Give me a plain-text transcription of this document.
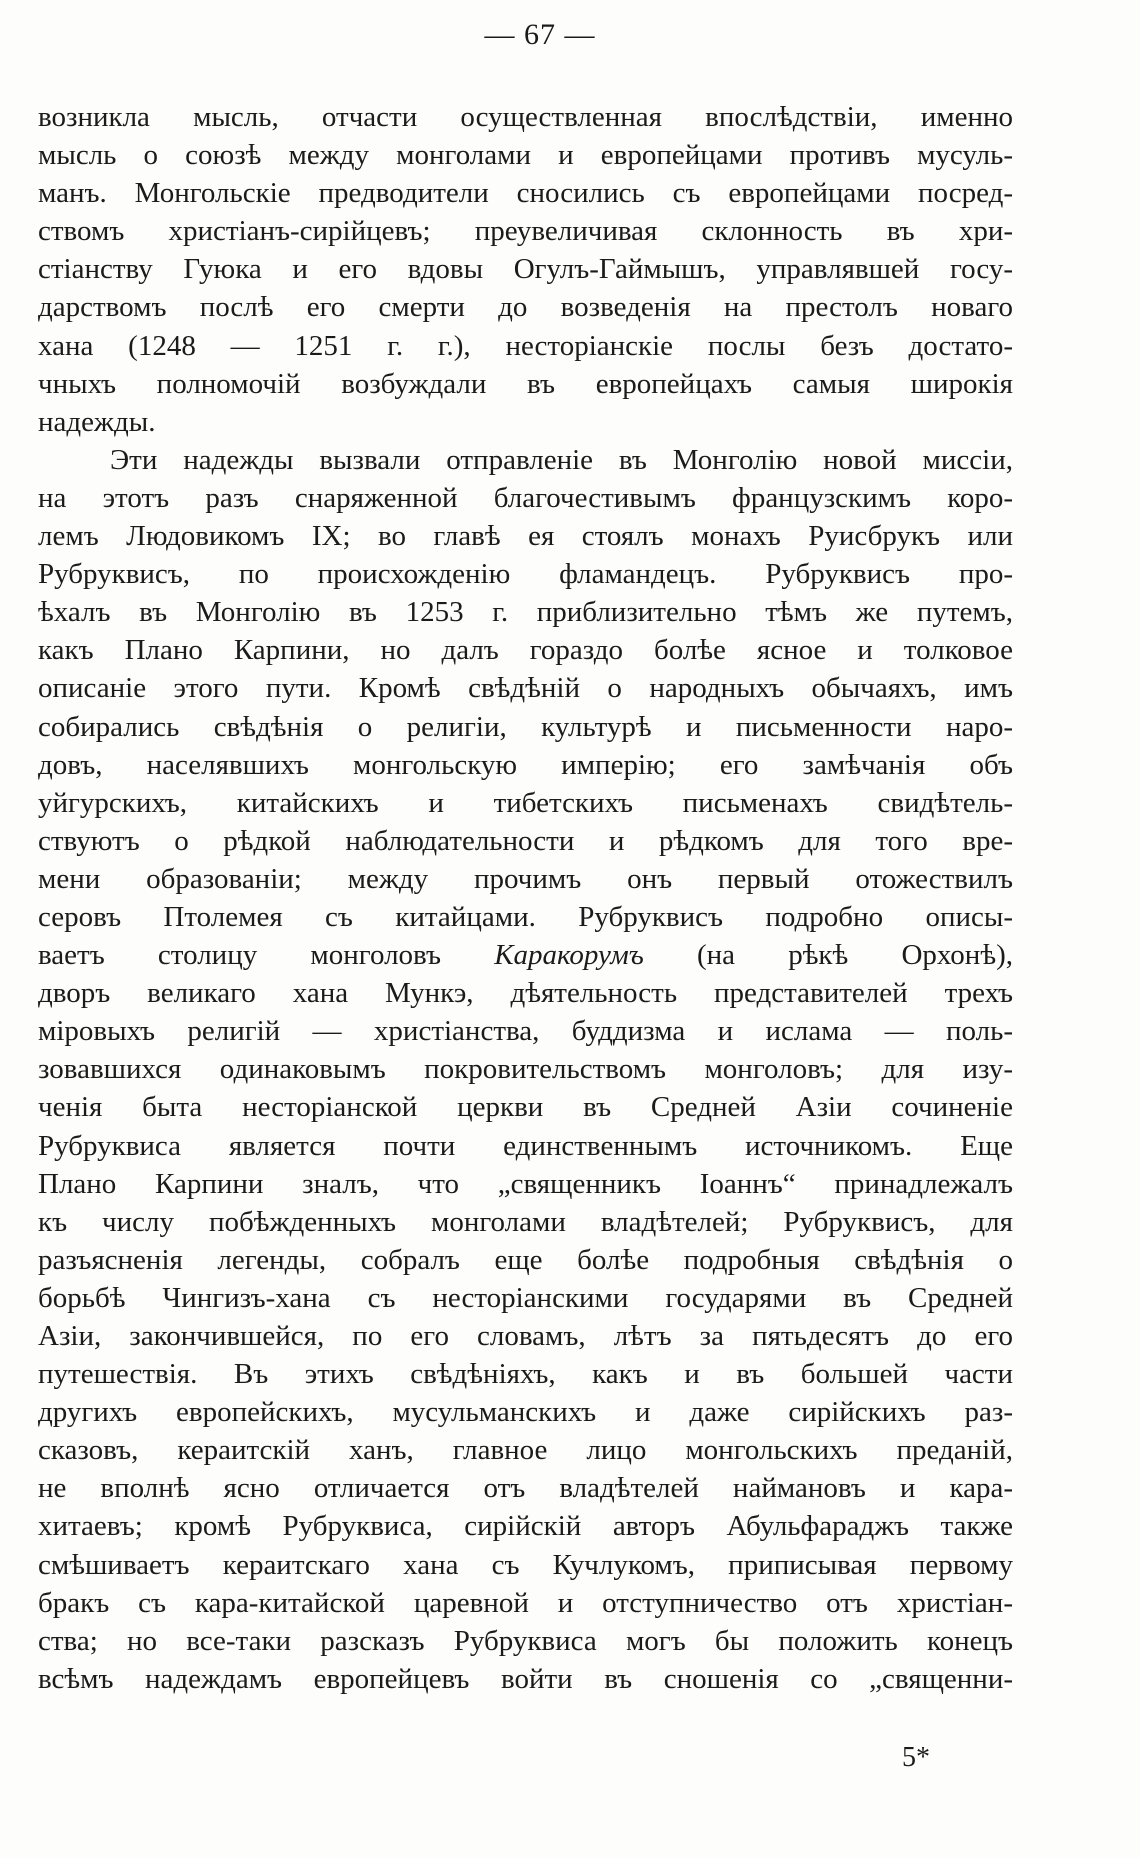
— 67 —
возникла мысль, отчасти осуществленная впослѣдствіи, именно
мысль о союзѣ между монголами и европейцами противъ мусуль-
манъ. Монгольскіе предводители сносились съ европейцами посред-
ствомъ христіанъ-сирійцевъ; преувеличивая склонность въ хри-
стіанству Гуюка и его вдовы Огулъ-Гаймышъ, управлявшей госу-
дарствомъ послѣ его смерти до возведенія на престолъ новаго
хана (1248 — 1251 г. г.), несторіанскіе послы безъ достато-
чныхъ полномочій возбуждали въ европейцахъ самыя широкія
надежды.
Эти надежды вызвали отправленіе въ Монголію новой миссіи,
на этотъ разъ снаряженной благочестивымъ французскимъ коро-
лемъ Людовикомъ IX; во главѣ ея стоялъ монахъ Руисбрукъ или
Рубруквисъ, по происхожденію фламандецъ. Рубруквисъ про-
ѣхалъ въ Монголію въ 1253 г. приблизительно тѣмъ же путемъ,
какъ Плано Карпини, но далъ гораздо болѣе ясное и толковое
описаніе этого пути. Кромѣ свѣдѣній о народныхъ обычаяхъ, имъ
собирались свѣдѣнія о религіи, культурѣ и письменности наро-
довъ, населявшихъ монгольскую имперію; его замѣчанія объ
уйгурскихъ, китайскихъ и тибетскихъ письменахъ свидѣтель-
ствуютъ о рѣдкой наблюдательности и рѣдкомъ для того вре-
мени образованіи; между прочимъ онъ первый отожествилъ
серовъ Птолемея съ китайцами. Рубруквисъ подробно описы-
ваетъ столицу монголовъ Каракорумъ (на рѣкѣ Орхонѣ),
дворъ великаго хана Мункэ, дѣятельность представителей трехъ
міровыхъ религій — христіанства, буддизма и ислама — поль-
зовавшихся одинаковымъ покровительствомъ монголовъ; для изу-
ченія быта несторіанской церкви въ Средней Азіи сочиненіе
Рубруквиса является почти единственнымъ источникомъ. Еще
Плано Карпини зналъ, что „священникъ Іоаннъ“ принадлежалъ
къ числу побѣжденныхъ монголами владѣтелей; Рубруквисъ, для
разъясненія легенды, собралъ еще болѣе подробныя свѣдѣнія о
борьбѣ Чингизъ-хана съ несторіанскими государями въ Средней
Азіи, закончившейся, по его словамъ, лѣтъ за пятьдесятъ до его
путешествія. Въ этихъ свѣдѣніяхъ, какъ и въ большей части
другихъ европейскихъ, мусульманскихъ и даже сирійскихъ раз-
сказовъ, кераитскій ханъ, главное лицо монгольскихъ преданій,
не вполнѣ ясно отличается отъ владѣтелей наймановъ и кара-
хитаевъ; кромѣ Рубруквиса, сирійскій авторъ Абульфараджъ также
смѣшиваетъ кераитскаго хана съ Кучлукомъ, приписывая первому
бракъ съ кара-китайской царевной и отступничество отъ христіан-
ства; но все-таки разсказъ Рубруквиса могъ бы положить конецъ
всѣмъ надеждамъ европейцевъ войти въ сношенія со „священни-
5*
